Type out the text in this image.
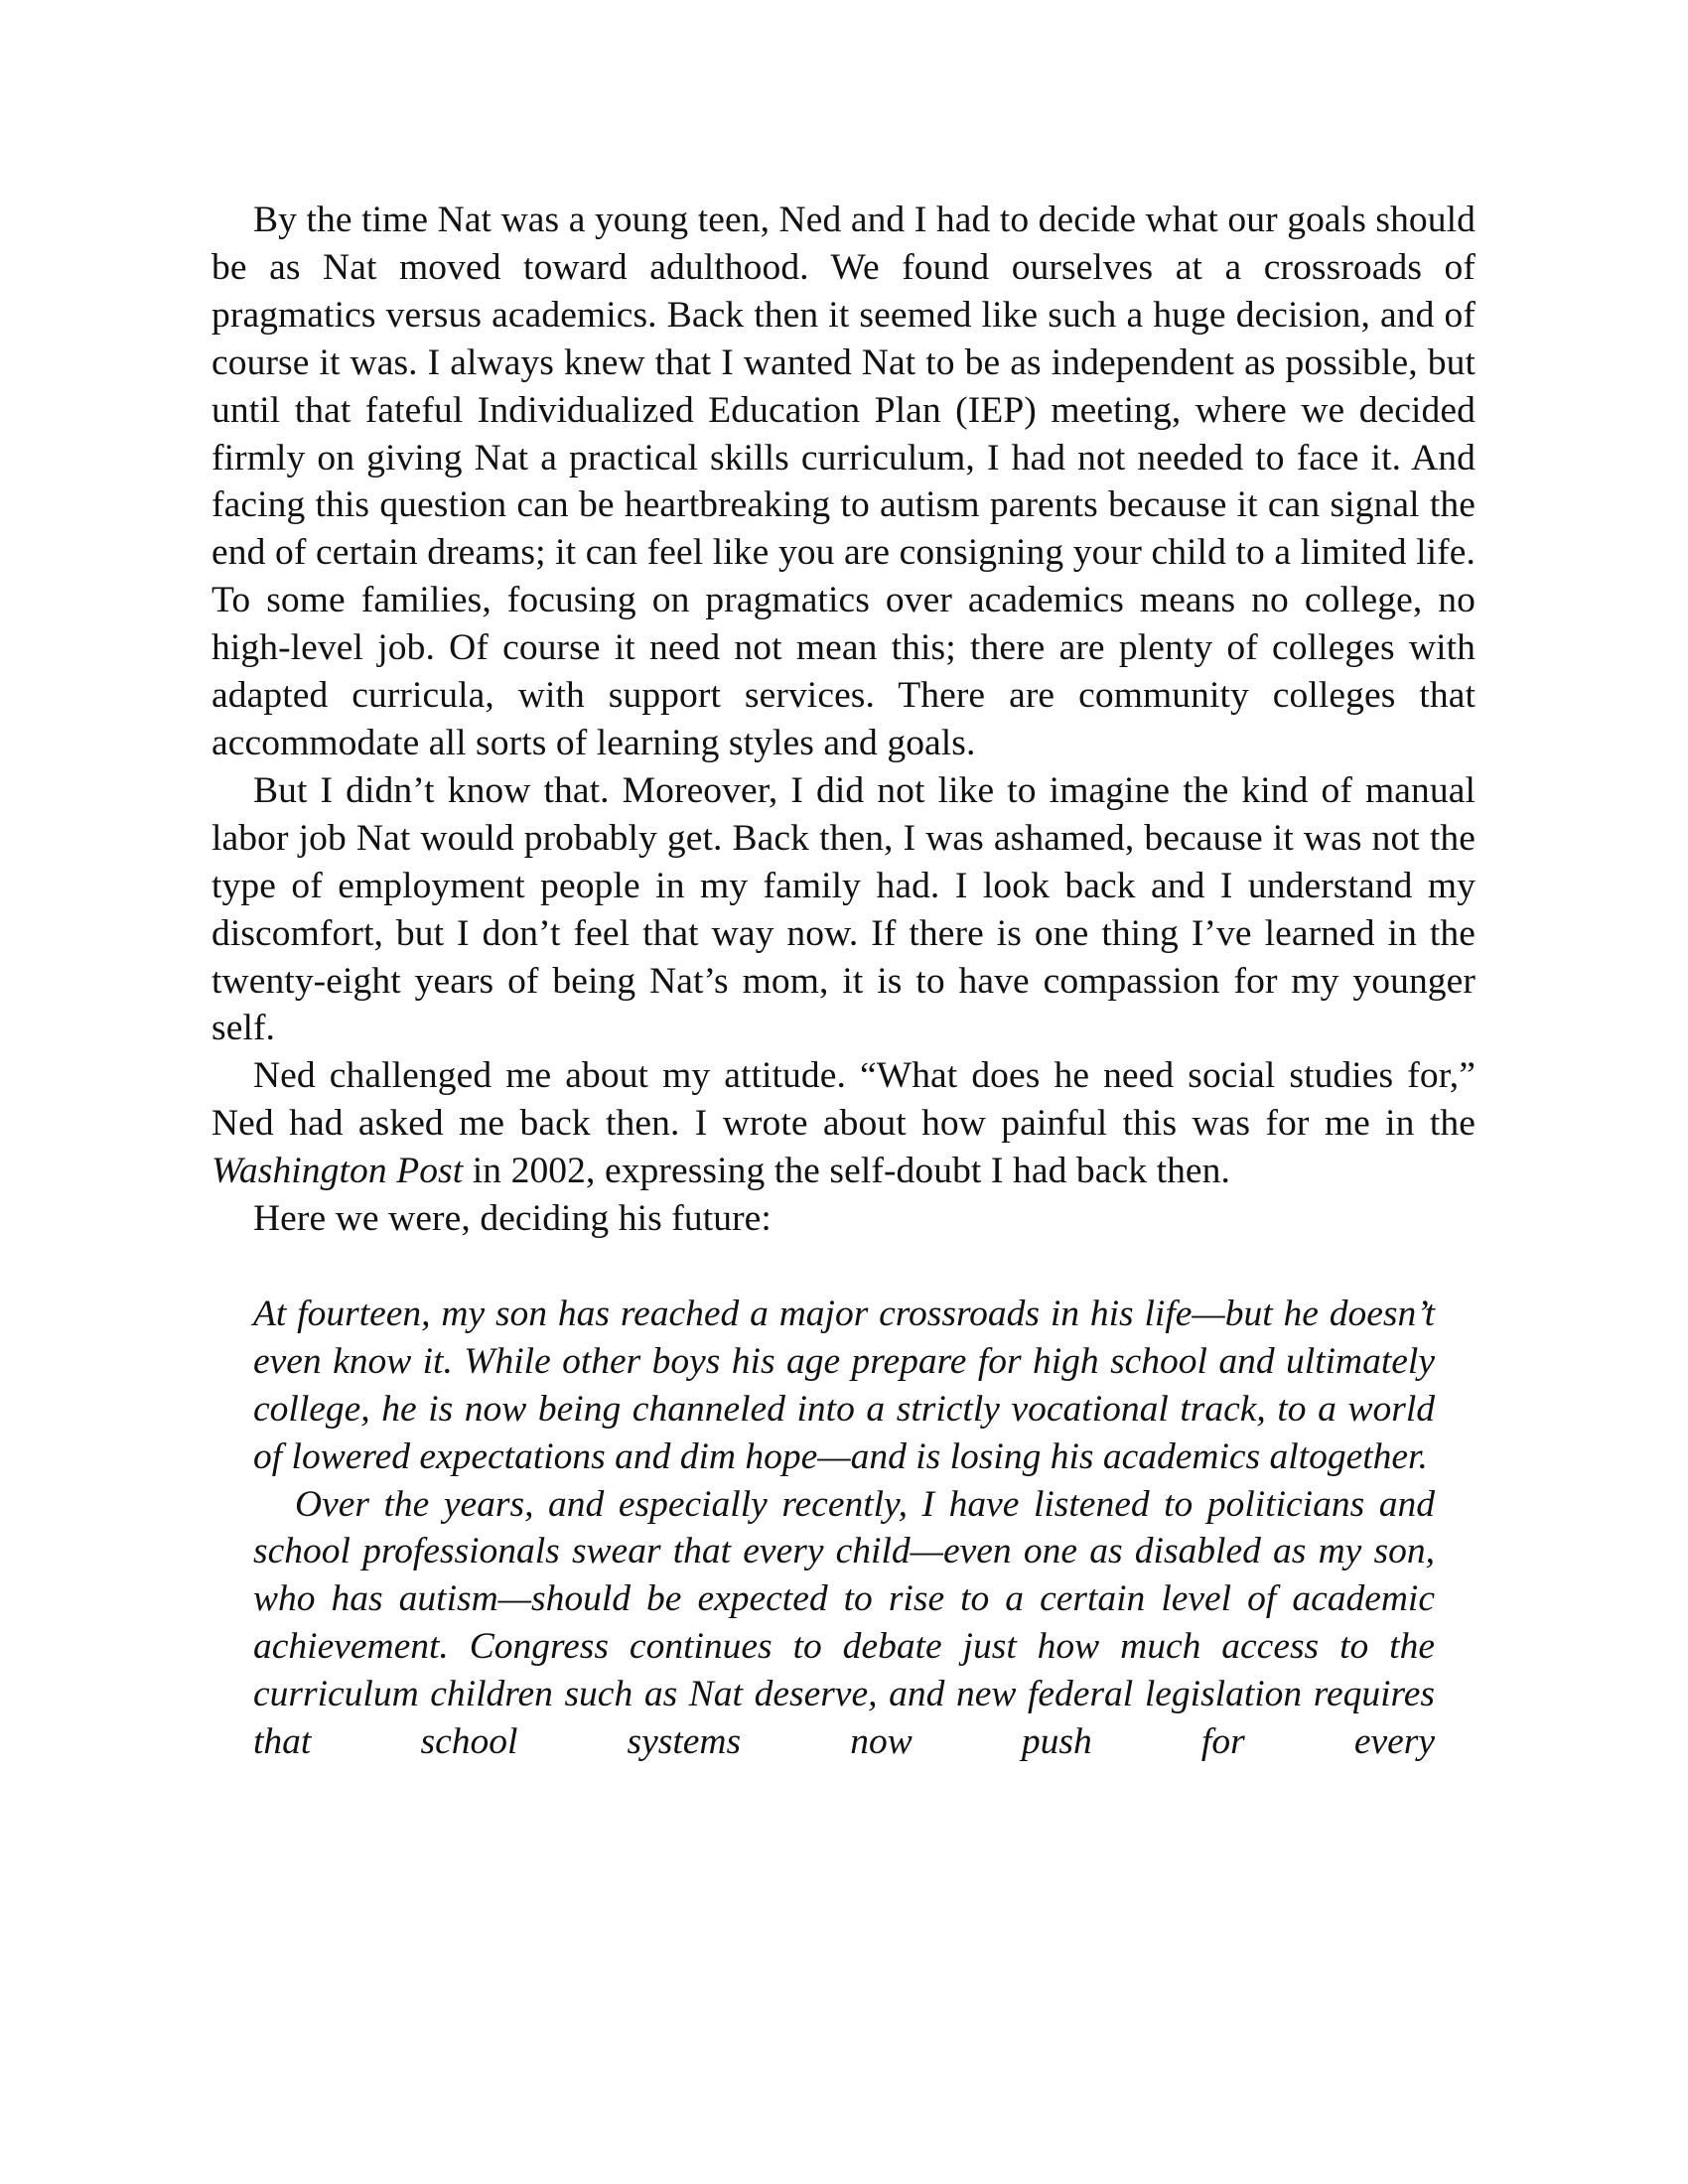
By the time Nat was a young teen, Ned and I had to decide what our goals should be as Nat moved toward adulthood. We found ourselves at a crossroads of pragmatics versus academics. Back then it seemed like such a huge decision, and of course it was. I always knew that I wanted Nat to be as independent as possible, but until that fateful Individualized Education Plan (IEP) meeting, where we decided firmly on giving Nat a practical skills curriculum, I had not needed to face it. And facing this question can be heartbreaking to autism parents because it can signal the end of certain dreams; it can feel like you are consigning your child to a limited life. To some families, focusing on pragmatics over academics means no college, no high-level job. Of course it need not mean this; there are plenty of colleges with adapted curricula, with support services. There are community colleges that accommodate all sorts of learning styles and goals.

But I didn’t know that. Moreover, I did not like to imagine the kind of manual labor job Nat would probably get. Back then, I was ashamed, because it was not the type of employment people in my family had. I look back and I understand my discomfort, but I don’t feel that way now. If there is one thing I’ve learned in the twenty-eight years of being Nat’s mom, it is to have compassion for my younger self.

Ned challenged me about my attitude. “What does he need social studies for,” Ned had asked me back then. I wrote about how painful this was for me in the Washington Post in 2002, expressing the self-doubt I had back then.

Here we were, deciding his future:

At fourteen, my son has reached a major crossroads in his life—but he doesn’t even know it. While other boys his age prepare for high school and ultimately college, he is now being channeled into a strictly vocational track, to a world of lowered expectations and dim hope—and is losing his academics altogether.

Over the years, and especially recently, I have listened to politicians and school professionals swear that every child—even one as disabled as my son, who has autism—should be expected to rise to a certain level of academic achievement. Congress continues to debate just how much access to the curriculum children such as Nat deserve, and new federal legislation requires that school systems now push for every
